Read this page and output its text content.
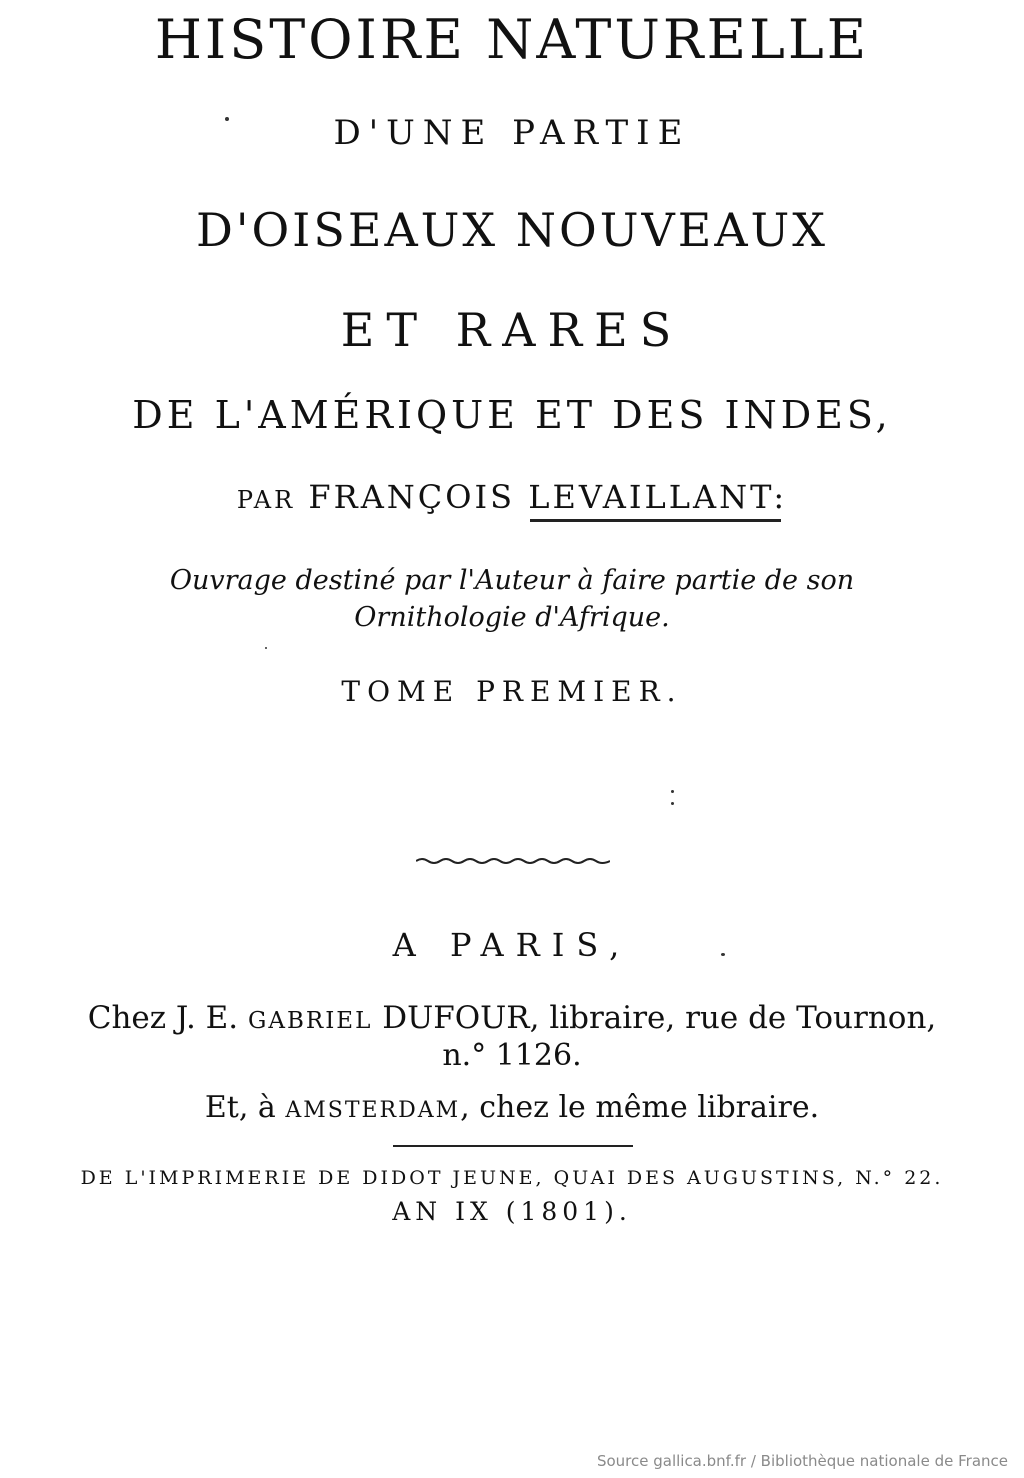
HISTOIRE NATURELLE
D'UNE PARTIE
D'OISEAUX NOUVEAUX
ET RARES
DE L'AMÉRIQUE ET DES INDES,
PAR FRANÇOIS LEVAILLANT:
Ouvrage destiné par l'Auteur à faire partie de son Ornithologie d'Afrique.
TOME PREMIER.
A PARIS,
Chez J. E. GABRIEL DUFOUR, libraire, rue de Tournon,
n.° 1126.
Et, à AMSTERDAM, chez le même libraire.
DE L'IMPRIMERIE DE DIDOT JEUNE, QUAI DES AUGUSTINS, N.° 22.
AN IX (1801).
Source gallica.bnf.fr / Bibliothèque nationale de France
